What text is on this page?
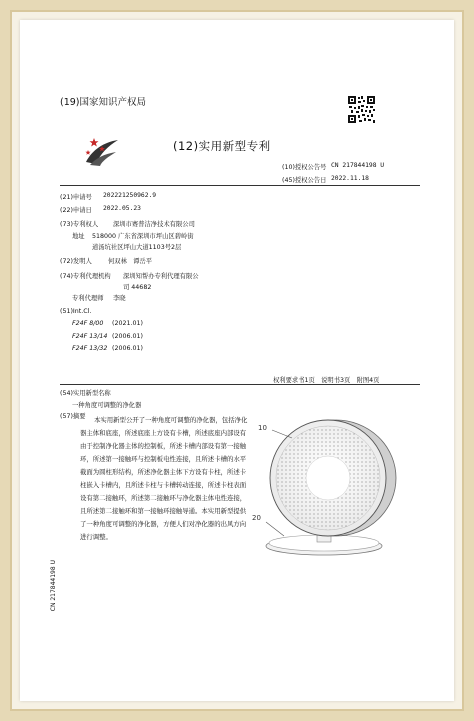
(19)国家知识产权局
(12)实用新型专利
(10)授权公告号 CN 217844198 U
(45)授权公告日 2022.11.18
(21)申请号 202221250962.9
(22)申请日 2022.05.23
(73)专利权人 深圳市赛普洁净技术有限公司
地址 518000 广东省深圳市坪山区碧岭街
道汤坑社区坪山大道1103号2层
(72)发明人	何双林　谭岳平
(74)专利代理机构 深圳知帮办专利代理有限公
司 44682
专利代理师 李晓
(51)Int.Cl.
F24F 8/00 (2021.01)
F24F 13/14 (2006.01)
F24F 13/32 (2006.01)
权利要求书1页　说明书3页　附图4页
(54)实用新型名称
一种角度可调整的净化器
(57)摘要	本实用新型公开了一种角度可调整的净化器，包括净化器主体和底座，所述底座上方设有卡槽，所述底座内部设有由于控制净化器主体的控制板，所述卡槽内部设有第一接触环，所述第一接触环与控制板电性连接，且所述卡槽的水平截面为圆柱形结构，所述净化器主体下方设有卡柱，所述卡柱嵌入卡槽内，且所述卡柱与卡槽转动连接，所述卡柱表面设有第二接触环，所述第二接触环与净化器主体电性连接，且所述第二接触环和第一接触环接触导通。本实用新型提供了一种角度可调整的净化器，方便人们对净化器的出风方向进行调整。
10
20
CN 217844198 U
